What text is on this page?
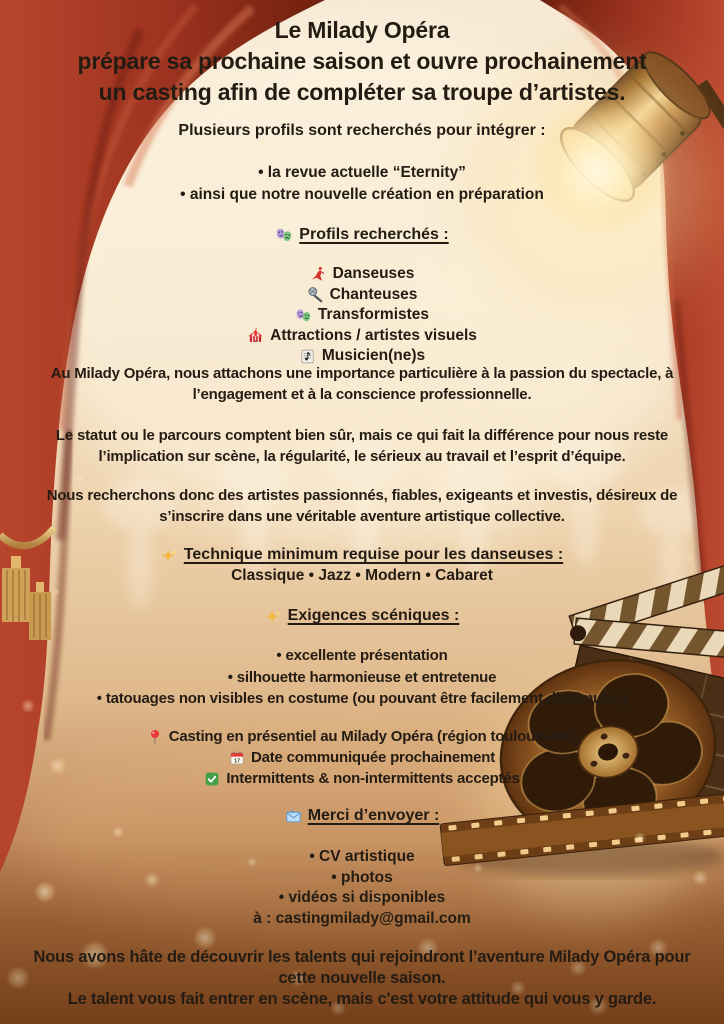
Le Milady Opéra
prépare sa prochaine saison et ouvre prochainement
un casting afin de compléter sa troupe d’artistes.
Plusieurs profils sont recherchés pour intégrer :
• la revue actuelle “Eternity”
• ainsi que notre nouvelle création en préparation
Profils recherchés :
Danseuses
Chanteuses
Transformistes
Attractions / artistes visuels
Musicien(ne)s
Au Milady Opéra, nous attachons une importance particulière à la passion du spectacle, à
l’engagement et à la conscience professionnelle.
Le statut ou le parcours comptent bien sûr, mais ce qui fait la différence pour nous reste
l’implication sur scène, la régularité, le sérieux au travail et l’esprit d’équipe.
Nous recherchons donc des artistes passionnés, fiables, exigeants et investis, désireux de
s’inscrire dans une véritable aventure artistique collective.
Technique minimum requise pour les danseuses :
Classique • Jazz • Modern • Cabaret
Exigences scéniques :
• excellente présentation
• silhouette harmonieuse et entretenue
• tatouages non visibles en costume (ou pouvant être facilement dissimulés)
Casting en présentiel au Milady Opéra (région toulousaine)
17 Date communiquée prochainement
Intermittents & non-intermittents acceptés
Merci d’envoyer :
• CV artistique
• photos
• vidéos si disponibles
à : castingmilady@gmail.com
Nous avons hâte de découvrir les talents qui rejoindront l’aventure Milady Opéra pour
cette nouvelle saison.
Le talent vous fait entrer en scène, mais c'est votre attitude qui vous y garde.
